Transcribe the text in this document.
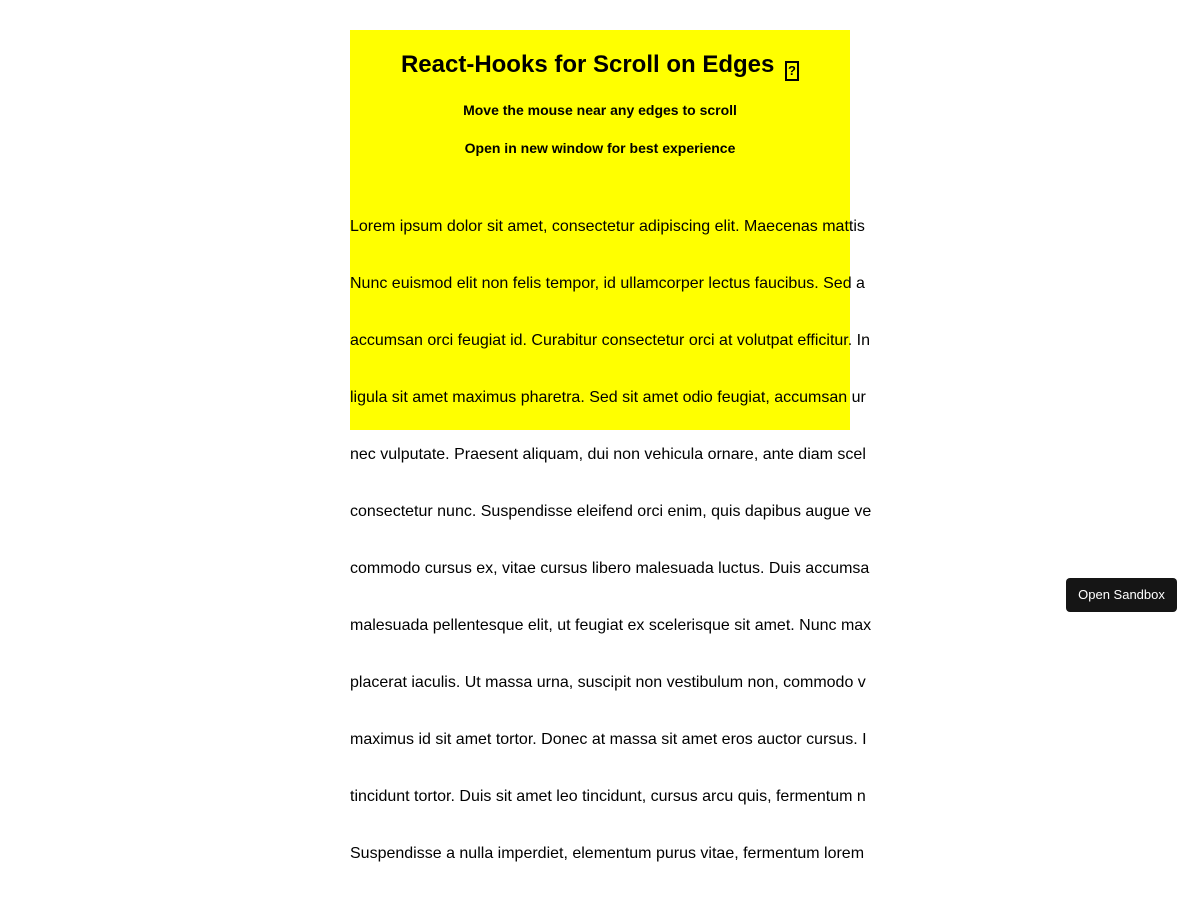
React-Hooks for Scroll on Edges ?

Move the mouse near any edges to scroll

Open in new window for best experience

Lorem ipsum dolor sit amet, consectetur adipiscing elit. Maecenas mattis

Nunc euismod elit non felis tempor, id ullamcorper lectus faucibus. Sed a

accumsan orci feugiat id. Curabitur consectetur orci at volutpat efficitur. In

ligula sit amet maximus pharetra. Sed sit amet odio feugiat, accumsan ur

nec vulputate. Praesent aliquam, dui non vehicula ornare, ante diam scel

consectetur nunc. Suspendisse eleifend orci enim, quis dapibus augue ve

commodo cursus ex, vitae cursus libero malesuada luctus. Duis accumsa

malesuada pellentesque elit, ut feugiat ex scelerisque sit amet. Nunc max

placerat iaculis. Ut massa urna, suscipit non vestibulum non, commodo v

maximus id sit amet tortor. Donec at massa sit amet eros auctor cursus. I

tincidunt tortor. Duis sit amet leo tincidunt, cursus arcu quis, fermentum n

Suspendisse a nulla imperdiet, elementum purus vitae, fermentum lorem

Open Sandbox
